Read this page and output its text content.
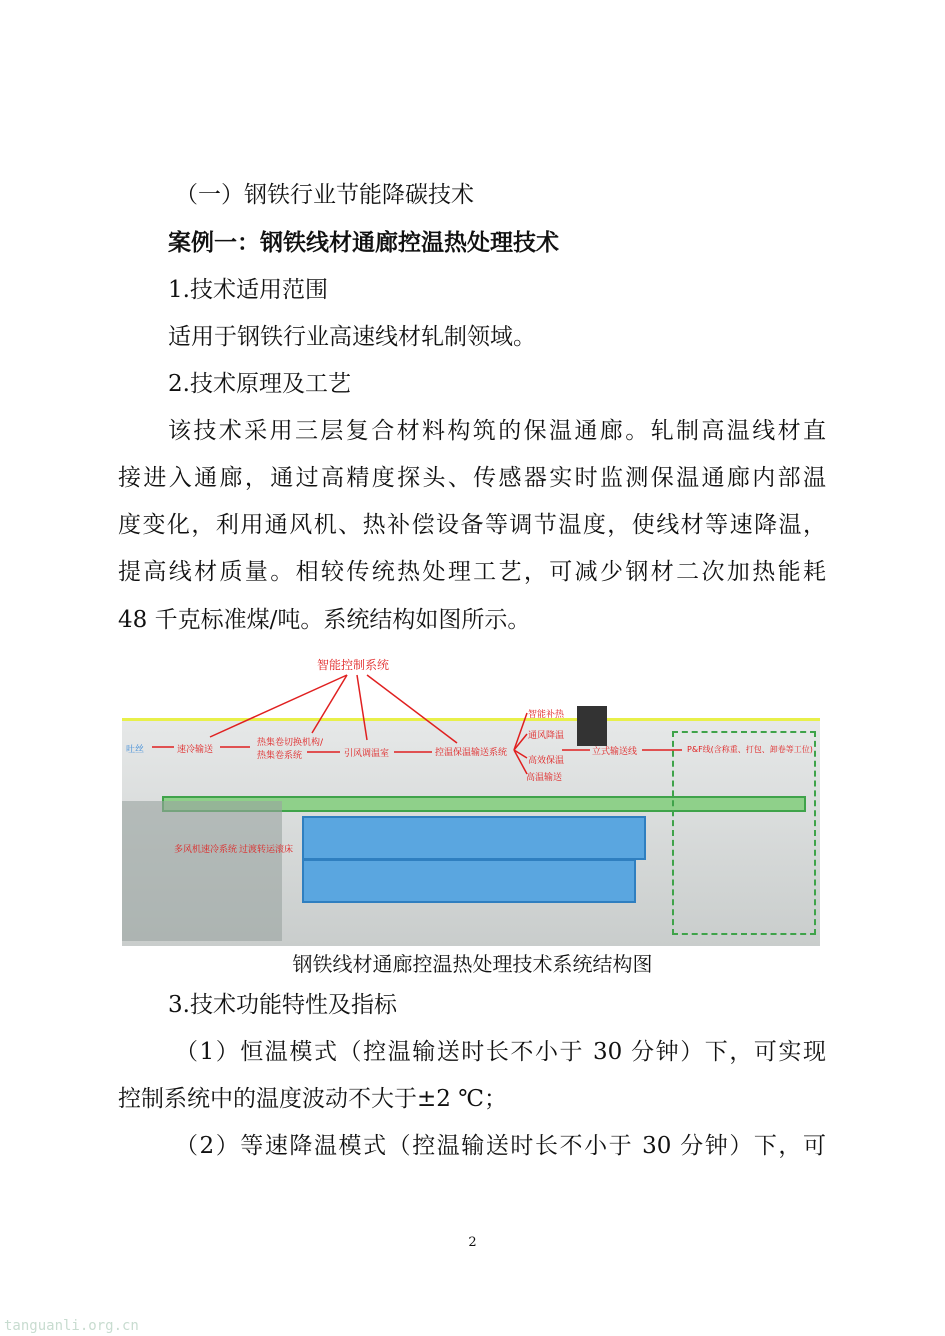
（一）钢铁行业节能降碳技术
案例一：钢铁线材通廊控温热处理技术
1.技术适用范围
适用于钢铁行业高速线材轧制领域。
2.技术原理及工艺
该技术采用三层复合材料构筑的保温通廊。轧制高温线材直
接进入通廊，通过高精度探头、传感器实时监测保温通廊内部温
度变化，利用通风机、热补偿设备等调节温度，使线材等速降温，
提高线材质量。相较传统热处理工艺，可减少钢材二次加热能耗
48 千克标准煤/吨。系统结构如图所示。
智能控制系统
吐丝	速冷输送
热集卷切换机构/
热集卷系统	引风调温室	控温保温输送系统
智能补热
通风降温
高效保温
高温输送
立式输送线	P&F线(含称重、打包、卸卷等工位)
多风机速冷系统 过渡转运滚床
钢铁线材通廊控温热处理技术系统结构图
3.技术功能特性及指标
（1）恒温模式（控温输送时长不小于 30 分钟）下，可实现
控制系统中的温度波动不大于±2 ℃；
（2）等速降温模式（控温输送时长不小于 30 分钟）下，可
2
tanguanli.org.cn
